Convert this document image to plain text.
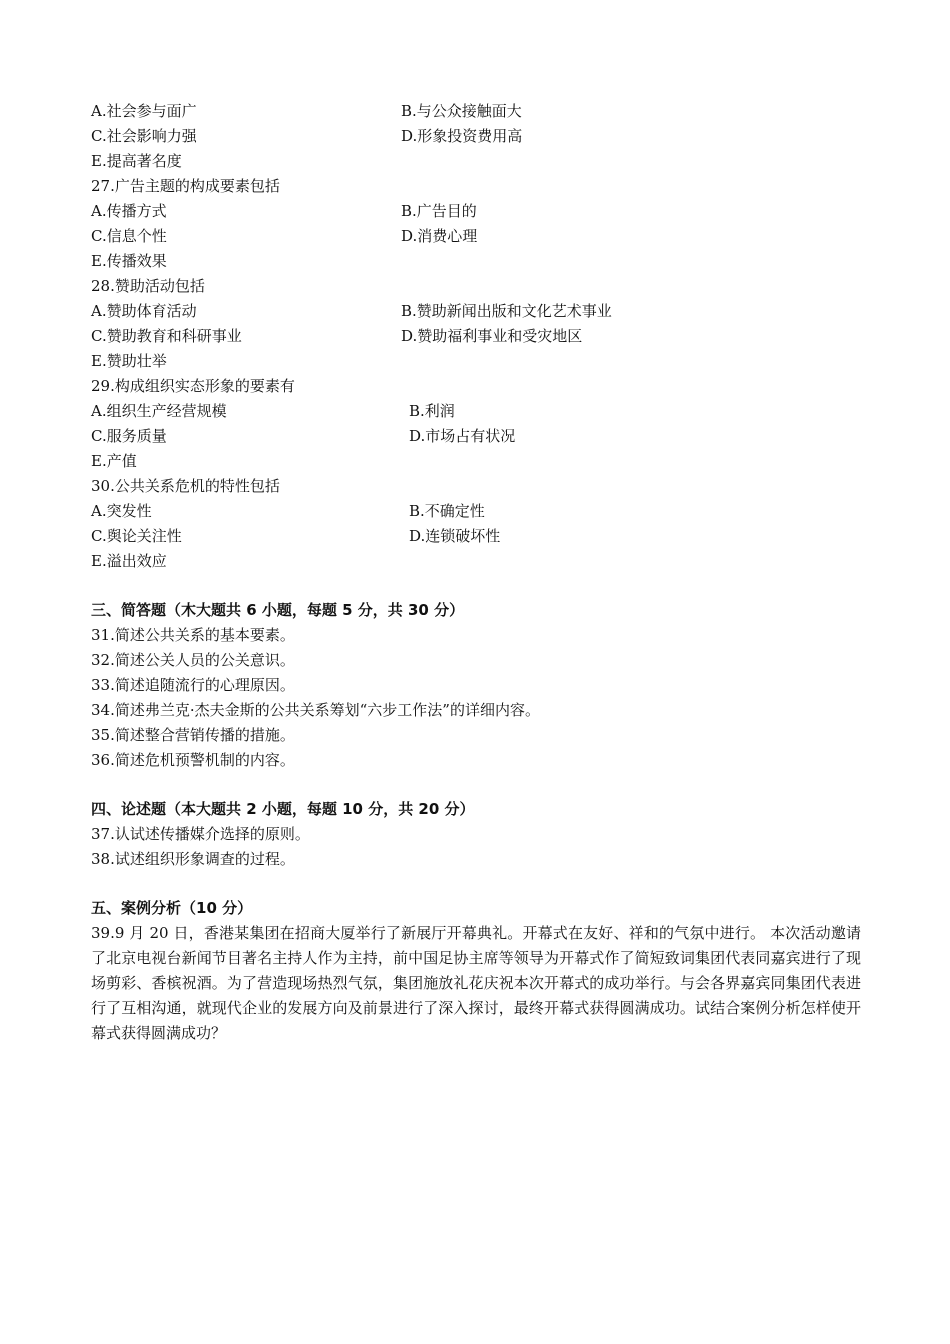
A.社会参与面广	B.与公众接触面大
C.社会影响力强	D.形象投资费用高
E.提高著名度
27.广告主题的构成要素包括
A.传播方式	B.广告目的
C.信息个性	D.消费心理
E.传播效果
28.赞助活动包括
A.赞助体育活动	B.赞助新闻出版和文化艺术事业
C.赞助教育和科研事业	D.赞助福利事业和受灾地区
E.赞助壮举
29.构成组织实态形象的要素有
A.组织生产经营规模	B.利润
C.服务质量	D.市场占有状况
E.产值
30.公共关系危机的特性包括
A.突发性	B.不确定性
C.舆论关注性	D.连锁破坏性
E.溢出效应
三、简答题（木大题共 6 小题，每题 5 分，共 30 分）
31.简述公共关系的基本要素。
32.简述公关人员的公关意识。
33.简述追随流行的心理原因。
34.简述弗兰克·杰夫金斯的公共关系筹划“六步工作法”的详细内容。
35.简述整合营销传播的措施。
36.简述危机预警机制的内容。
四、论述题（本大题共 2 小题，每题 10 分，共 20 分）
37.认试述传播媒介选择的原则。
38.试述组织形象调查的过程。
五、案例分析（10 分）
39.9 月 20 日，香港某集团在招商大厦举行了新展厅开幕典礼。开幕式在友好、祥和的气氛中进行。 本次活动邀请了北京电视台新闻节目著名主持人作为主持，前中国足协主席等领导为开幕式作了简短致词集团代表同嘉宾进行了现场剪彩、香槟祝酒。为了营造现场热烈气氛，集团施放礼花庆祝本次开幕式的成功举行。与会各界嘉宾同集团代表进行了互相沟通，就现代企业的发展方向及前景进行了深入探讨，最终开幕式获得圆满成功。试结合案例分析怎样使开幕式获得圆满成功？
